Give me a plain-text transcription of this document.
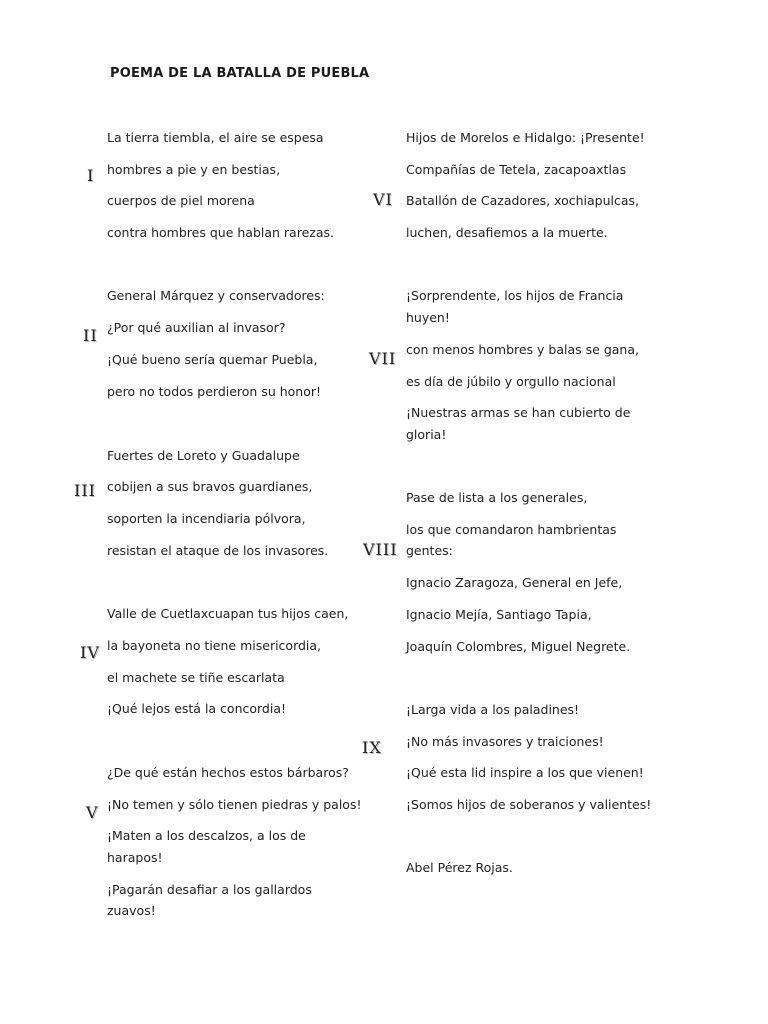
POEMA DE LA BATALLA DE PUEBLA
I
La tierra tiembla, el aire se espesa
hombres a pie y en bestias,
cuerpos de piel morena
contra hombres que hablan rarezas.
II
General Márquez y conservadores:
¿Por qué auxilian al invasor?
¡Qué bueno sería quemar Puebla,
pero no todos perdieron su honor!
III
Fuertes de Loreto y Guadalupe
cobijen a sus bravos guardianes,
soporten la incendiaria pólvora,
resistan el ataque de los invasores.
IV
Valle de Cuetlaxcuapan tus hijos caen,
la bayoneta no tiene misericordia,
el machete se tiñe escarlata
¡Qué lejos está la concordia!
V
¿De qué están hechos estos bárbaros?
¡No temen y sólo tienen piedras y palos!
¡Maten a los descalzos, a los de
harapos!
¡Pagarán desafiar a los gallardos
zuavos!
VI
Hijos de Morelos e Hidalgo: ¡Presente!
Compañías de Tetela, zacapoaxtlas
Batallón de Cazadores, xochiapulcas,
luchen, desafiemos a la muerte.
VII
¡Sorprendente, los hijos de Francia
huyen!
con menos hombres y balas se gana,
es día de júbilo y orgullo nacional
¡Nuestras armas se han cubierto de
gloria!
VIII
Pase de lista a los generales,
los que comandaron hambrientas
gentes:
Ignacio Zaragoza, General en Jefe,
Ignacio Mejía, Santiago Tapia,
Joaquín Colombres, Miguel Negrete.
IX
¡Larga vida a los paladines!
¡No más invasores y traiciones!
¡Qué esta lid inspire a los que vienen!
¡Somos hijos de soberanos y valientes!
Abel Pérez Rojas.
